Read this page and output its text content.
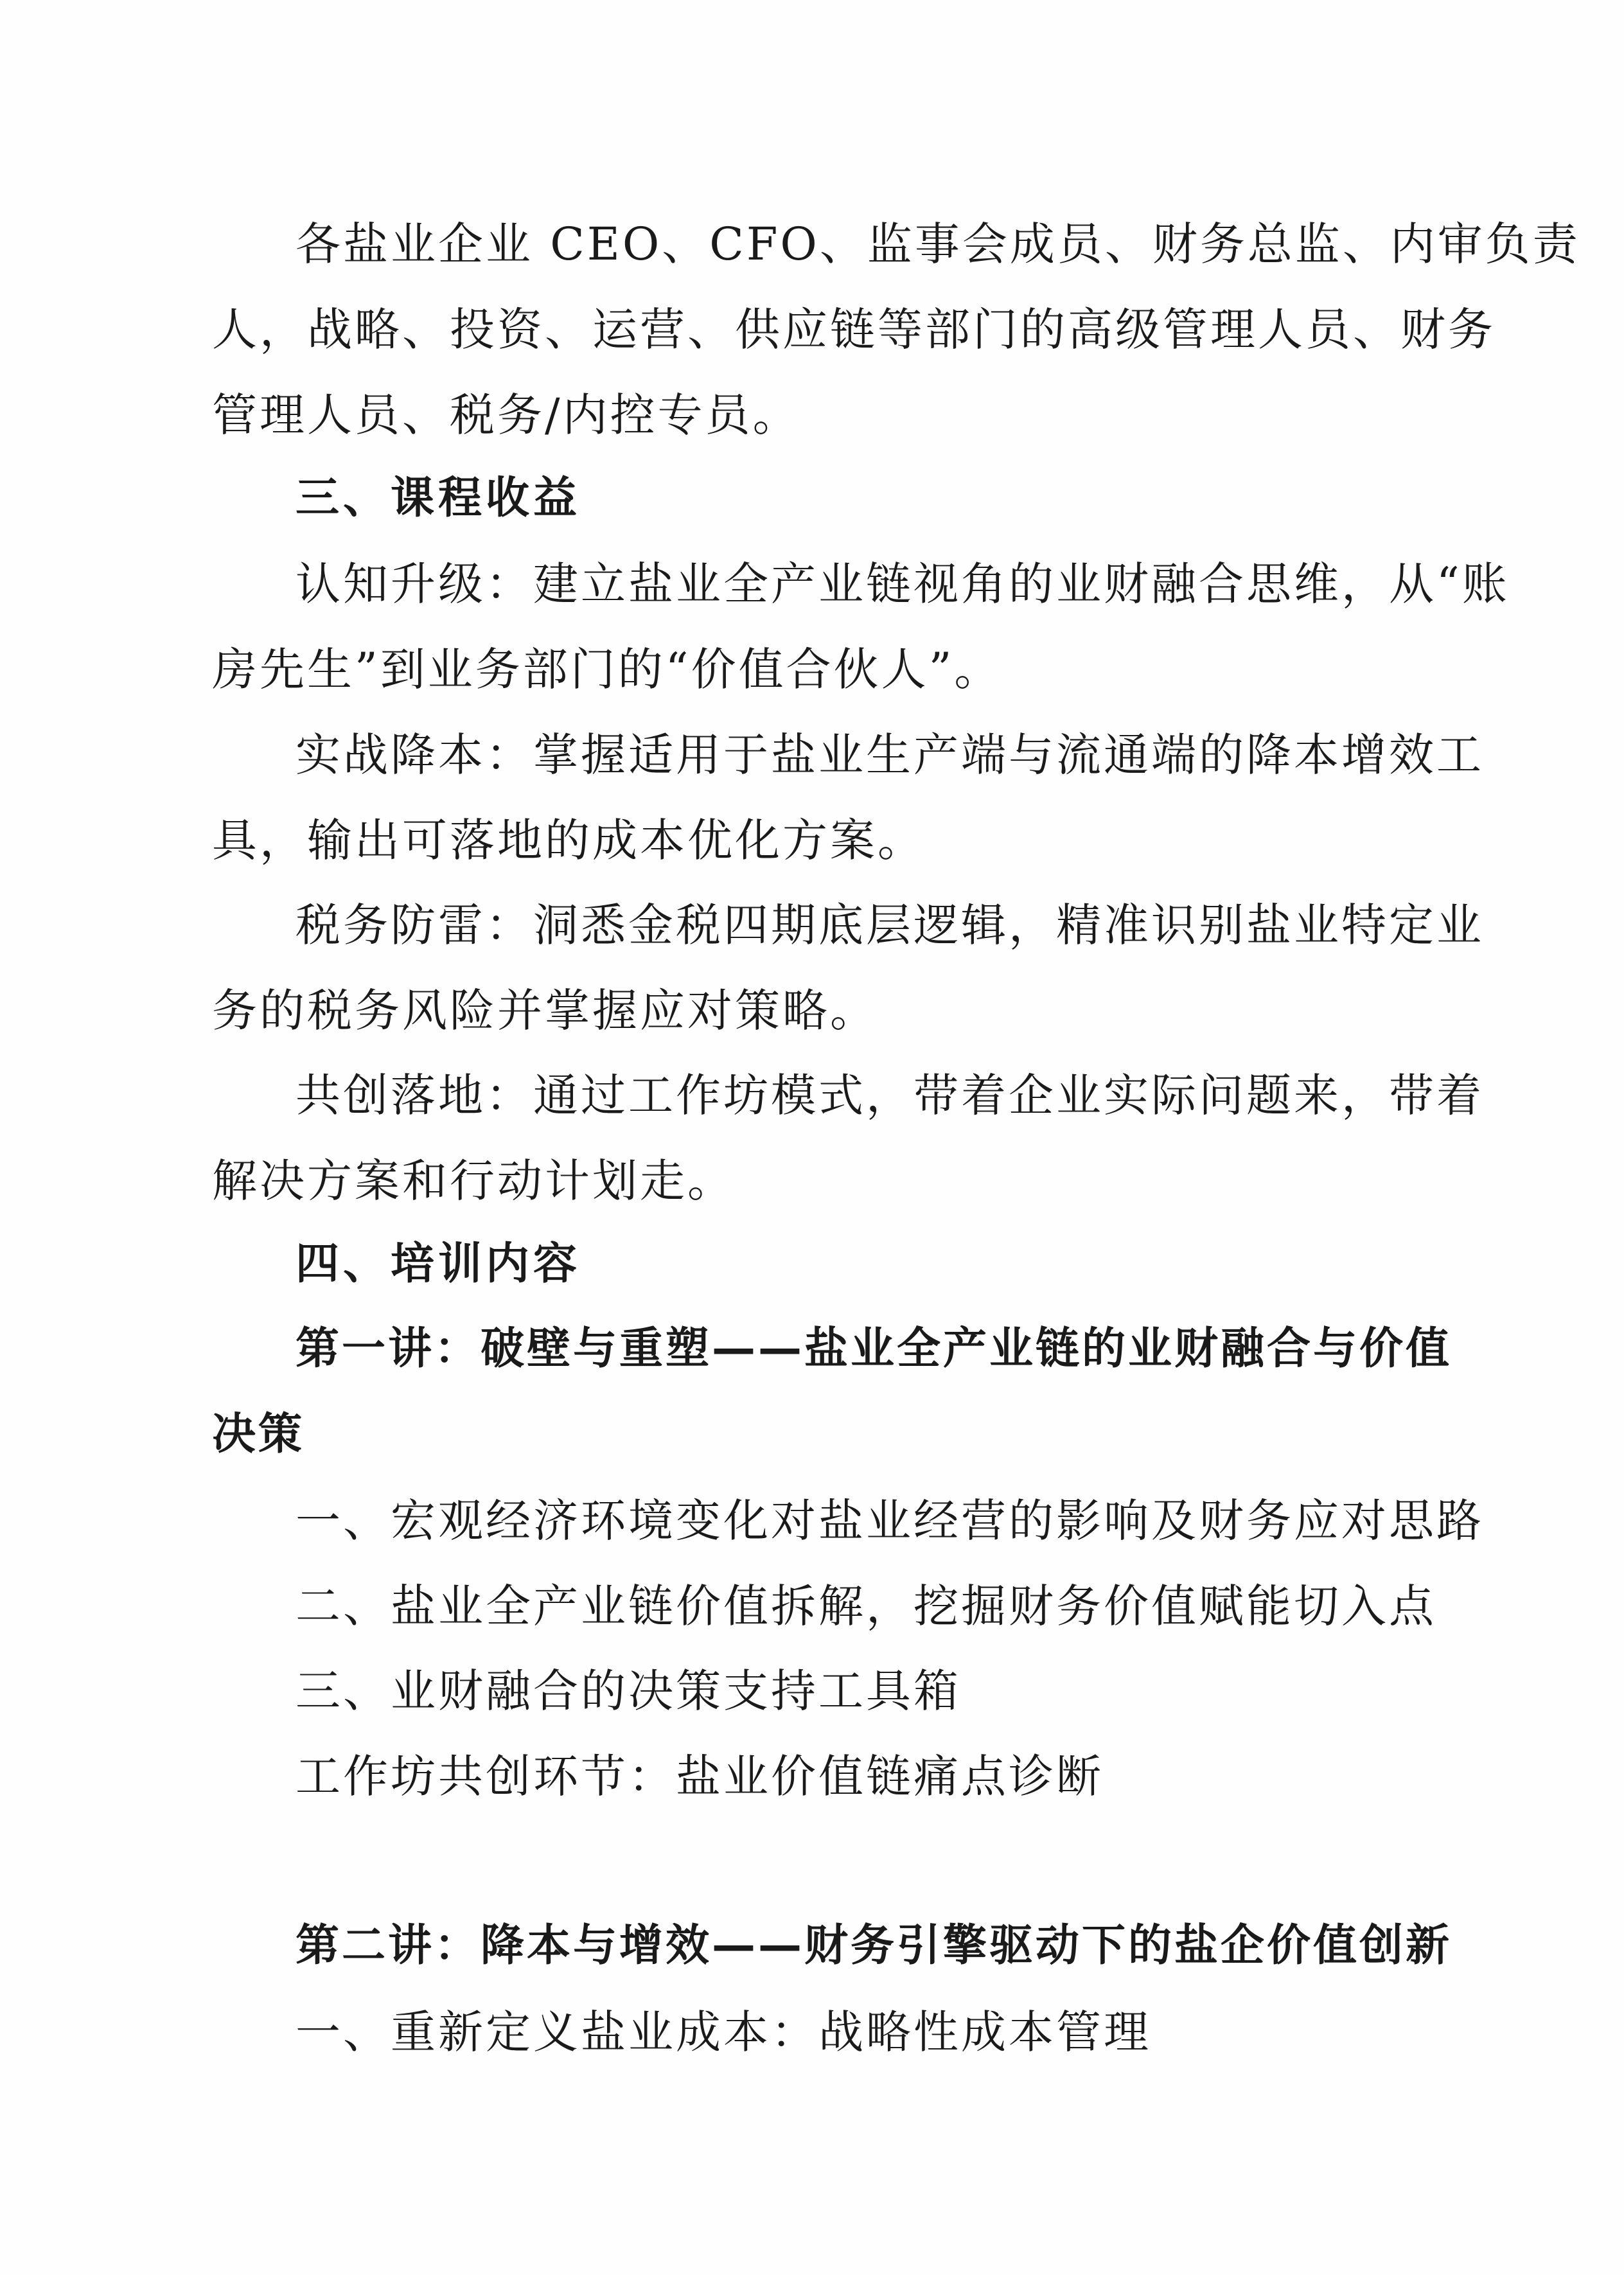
各盐业企业 CEO、CFO、监事会成员、财务总监、内审负责
人，战略、投资、运营、供应链等部门的高级管理人员、财务
管理人员、税务/内控专员。
三、课程收益
认知升级：建立盐业全产业链视角的业财融合思维，从“账
房先生”到业务部门的“价值合伙人”。
实战降本：掌握适用于盐业生产端与流通端的降本增效工
具，输出可落地的成本优化方案。
税务防雷：洞悉金税四期底层逻辑，精准识别盐业特定业
务的税务风险并掌握应对策略。
共创落地：通过工作坊模式，带着企业实际问题来，带着
解决方案和行动计划走。
四、培训内容
第一讲：破壁与重塑——盐业全产业链的业财融合与价值
决策
一、宏观经济环境变化对盐业经营的影响及财务应对思路
二、盐业全产业链价值拆解，挖掘财务价值赋能切入点
三、业财融合的决策支持工具箱
工作坊共创环节：盐业价值链痛点诊断
第二讲：降本与增效——财务引擎驱动下的盐企价值创新
一、重新定义盐业成本：战略性成本管理
